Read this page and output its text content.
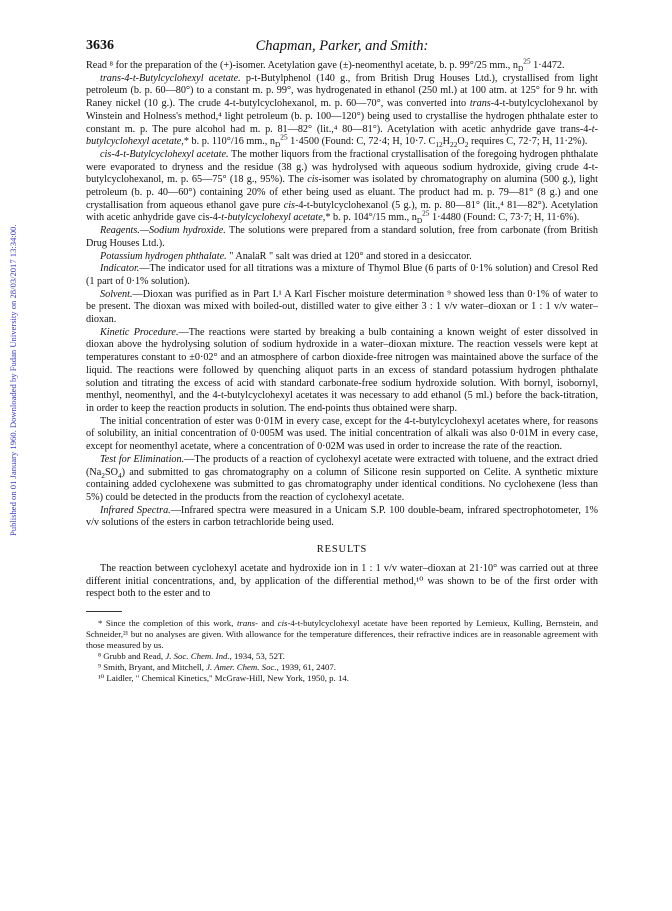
Published on 01 January 1960. Downloaded by Fudan University on 28/03/2017 13:34:00.
3636	Chapman, Parker, and Smith:

Read ⁸ for the preparation of the (+)-isomer. Acetylation gave (±)-neomenthyl acetate, b. p. 99°/25 mm., $n_D^{25}$ 1·4472.

trans-4-t-Butylcyclohexyl acetate. p-t-Butylphenol (140 g., from British Drug Houses Ltd.), crystallised from light petroleum (b. p. 60—80°) to a constant m. p. 99°, was hydrogenated in ethanol (250 ml.) at 100 atm. at 125° for 9 hr. with Raney nickel (10 g.). The crude 4-t-butylcyclohexanol, m. p. 60—70°, was converted into trans-4-t-butylcyclohexanol by Winstein and Holness's method,⁴ light petroleum (b. p. 100—120°) being used to crystallise the hydrogen phthalate ester to constant m. p. The pure alcohol had m. p. 81—82° (lit.,⁴ 80—81°). Acetylation with acetic anhydride gave trans-4-t-butylcyclohexyl acetate,* b. p. 110°/16 mm., $n_D^{25}$ 1·4500 (Found: C, 72·4; H, 10·7. $C_{12}H_{22}O_2$ requires C, 72·7; H, 11·2%).

cis-4-t-Butylcyclohexyl acetate. The mother liquors from the fractional crystallisation of the foregoing hydrogen phthalate were evaporated to dryness and the residue (38 g.) was hydrolysed with aqueous sodium hydroxide, giving crude 4-t-butylcyclohexanol, m. p. 65—75° (18 g., 95%). The cis-isomer was isolated by chromatography on alumina (500 g.), light petroleum (b. p. 40—60°) containing 20% of ether being used as eluant. The product had m. p. 79—81° (8 g.) and one crystallisation from aqueous ethanol gave pure cis-4-t-butylcyclohexanol (5 g.), m. p. 80—81° (lit.,⁴ 81—82°). Acetylation with acetic anhydride gave cis-4-t-butylcyclohexyl acetate,* b. p. 104°/15 mm., $n_D^{25}$ 1·4480 (Found: C, 73·7; H, 11·6%).

Reagents.—Sodium hydroxide. The solutions were prepared from a standard solution, free from carbonate (from British Drug Houses Ltd.).

Potassium hydrogen phthalate. " AnalaR " salt was dried at 120° and stored in a desiccator.

Indicator.—The indicator used for all titrations was a mixture of Thymol Blue (6 parts of 0·1% solution) and Cresol Red (1 part of 0·1% solution).

Solvent.—Dioxan was purified as in Part I.¹ A Karl Fischer moisture determination ⁹ showed less than 0·1% of water to be present. The dioxan was mixed with boiled-out, distilled water to give either 3 : 1 v/v water–dioxan or 1 : 1 v/v water–dioxan.

Kinetic Procedure.—The reactions were started by breaking a bulb containing a known weight of ester dissolved in dioxan above the hydrolysing solution of sodium hydroxide in a water–dioxan mixture. The reaction vessels were kept at temperatures constant to ±0·02° and an atmosphere of carbon dioxide-free nitrogen was maintained above the surface of the liquid. The reactions were followed by quenching aliquot parts in an excess of standard potassium hydrogen phthalate solution and titrating the excess of acid with standard carbonate-free sodium hydroxide solution. With bornyl, isobornyl, menthyl, neomenthyl, and the 4-t-butylcyclohexyl acetates it was necessary to add ethanol (5 ml.) before the back-titration, in order to keep the reaction products in solution. The end-points thus obtained were sharp.

The initial concentration of ester was 0·01M in every case, except for the 4-t-butylcyclohexyl acetates where, for reasons of solubility, an initial concentration of 0·005M was used. The initial concentration of alkali was also 0·01M in every case, except for neomenthyl acetate, where a concentration of 0·02M was used in order to increase the rate of the reaction.

Test for Elimination.—The products of a reaction of cyclohexyl acetate were extracted with toluene, and the extract dried $(Na_2SO_4)$ and submitted to gas chromatography on a column of Silicone resin supported on Celite. A synthetic mixture containing added cyclohexene was submitted to gas chromatography under identical conditions. No cyclohexene (less than 5%) could be detected in the products from the reaction of cyclohexyl acetate.

Infrared Spectra.—Infrared spectra were measured in a Unicam S.P. 100 double-beam, infrared spectrophotometer, 1% v/v solutions of the esters in carbon tetrachloride being used.

RESULTS

The reaction between cyclohexyl acetate and hydroxide ion in 1 : 1 v/v water–dioxan at 21·10° was carried out at three different initial concentrations, and, by application of the differential method,¹⁰ was shown to be of the first order with respect both to the ester and to

* Since the completion of this work, trans- and cis-4-t-butylcyclohexyl acetate have been reported by Lemieux, Kulling, Bernstein, and Schneider,²¹ but no analyses are given. With allowance for the temperature differences, their refractive indices are in reasonable agreement with those measured by us.

⁸ Grubb and Read, J. Soc. Chem. Ind., 1934, 53, 52T.

⁹ Smith, Bryant, and Mitchell, J. Amer. Chem. Soc., 1939, 61, 2407.

¹⁰ Laidler, " Chemical Kinetics," McGraw-Hill, New York, 1950, p. 14.
